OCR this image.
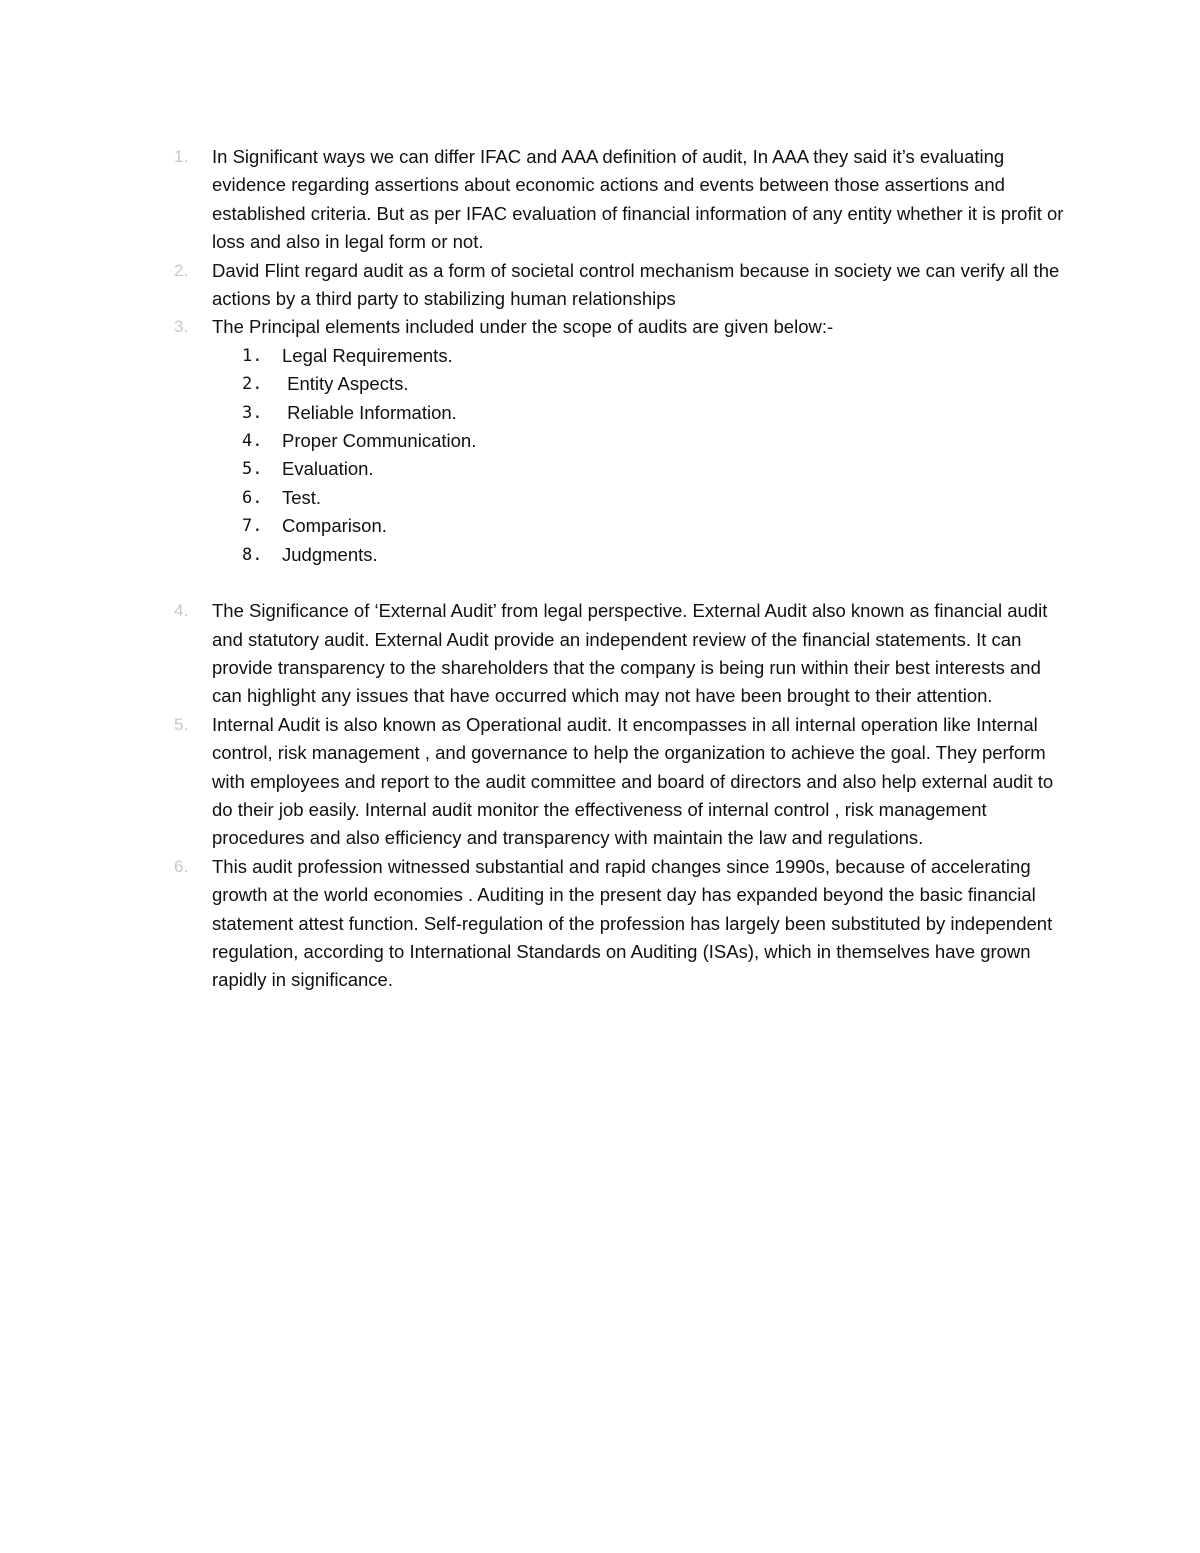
1. In Significant ways we can differ IFAC and AAA definition of audit, In AAA they said it’s evaluating evidence regarding assertions about economic actions and events between those assertions and established criteria. But as per IFAC evaluation of financial information of any entity whether it is profit or loss and also in legal form or not.
2. David Flint regard audit as a form of societal control mechanism because in society we can verify all the actions by a third party to stabilizing human relationships
3. The Principal elements included under the scope of audits are given below:-
1. Legal Requirements.
2. Entity Aspects.
3. Reliable Information.
4. Proper Communication.
5. Evaluation.
6. Test.
7. Comparison.
8. Judgments.
4. The Significance of ‘External Audit’ from legal perspective. External Audit also known as financial audit and statutory audit. External Audit provide an independent review of the financial statements. It can provide transparency to the shareholders that the company is being run within their best interests and can highlight any issues that have occurred which may not have been brought to their attention.
5. Internal Audit is also known as Operational audit. It encompasses in all internal operation like Internal control, risk management , and governance to help the organization to achieve the goal. They perform with employees and report to the audit committee and board of directors and also help external audit to do their job easily. Internal audit monitor the effectiveness of internal control , risk management procedures and also efficiency and transparency with maintain the law and regulations.
6. This audit profession witnessed substantial and rapid changes since 1990s, because of accelerating growth at the world economies . Auditing in the present day has expanded beyond the basic financial statement attest function. Self-regulation of the profession has largely been substituted by independent regulation, according to International Standards on Auditing (ISAs), which in themselves have grown rapidly in significance.
